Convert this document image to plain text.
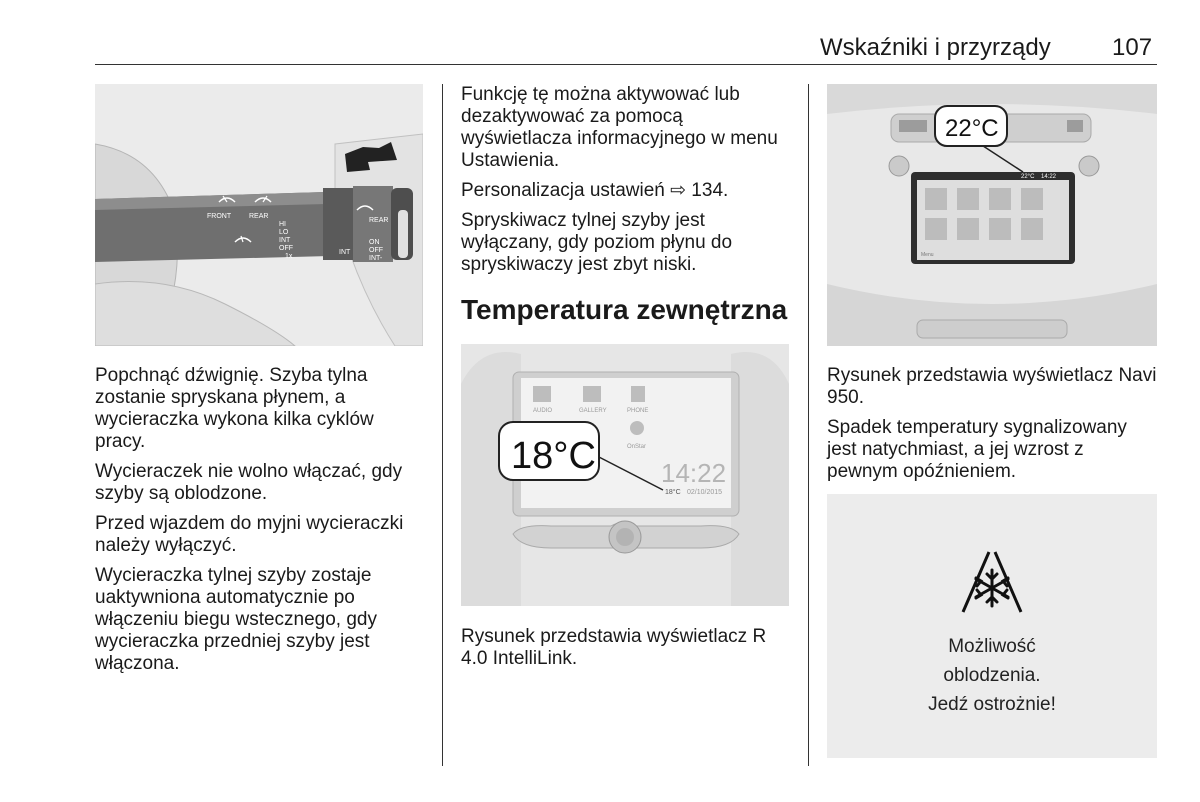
Wskaźniki i przyrządy	107
FRONT	REAR
HI
LO
INT
OFF
1x
INT
REAR
ON
OFF
INT-

Popchnąć dźwignię. Szyba tylna zostanie spryskana płynem, a wycieraczka wykona kilka cyklów pracy.

Wycieraczek nie wolno włączać, gdy szyby są oblodzone.

Przed wjazdem do myjni wycieraczki należy wyłączyć.

Wycieraczka tylnej szyby zostaje uaktywniona automatycznie po włączeniu biegu wstecznego, gdy wycieraczka przedniej szyby jest włączona.

Funkcję tę można aktywować lub dezaktywować za pomocą wyświetlacza informacyjnego w menu Ustawienia.

Personalizacja ustawień ⇨ 134.

Spryskiwacz tylnej szyby jest wyłączany, gdy poziom płynu do spryskiwaczy jest zbyt niski.

Temperatura zewnętrzna
AUDIO	GALLERY	PHONE
OnStar
14:22
18°C 02/10/2015
18°C

Rysunek przedstawia wyświetlacz R 4.0 IntelliLink.

22°C 14:22
Menu
22°C

Rysunek przedstawia wyświetlacz Navi 950.

Spadek temperatury sygnalizowany jest natychmiast, a jej wzrost z pewnym opóźnieniem.

Możliwość
oblodzenia.
Jedź ostrożnie!
